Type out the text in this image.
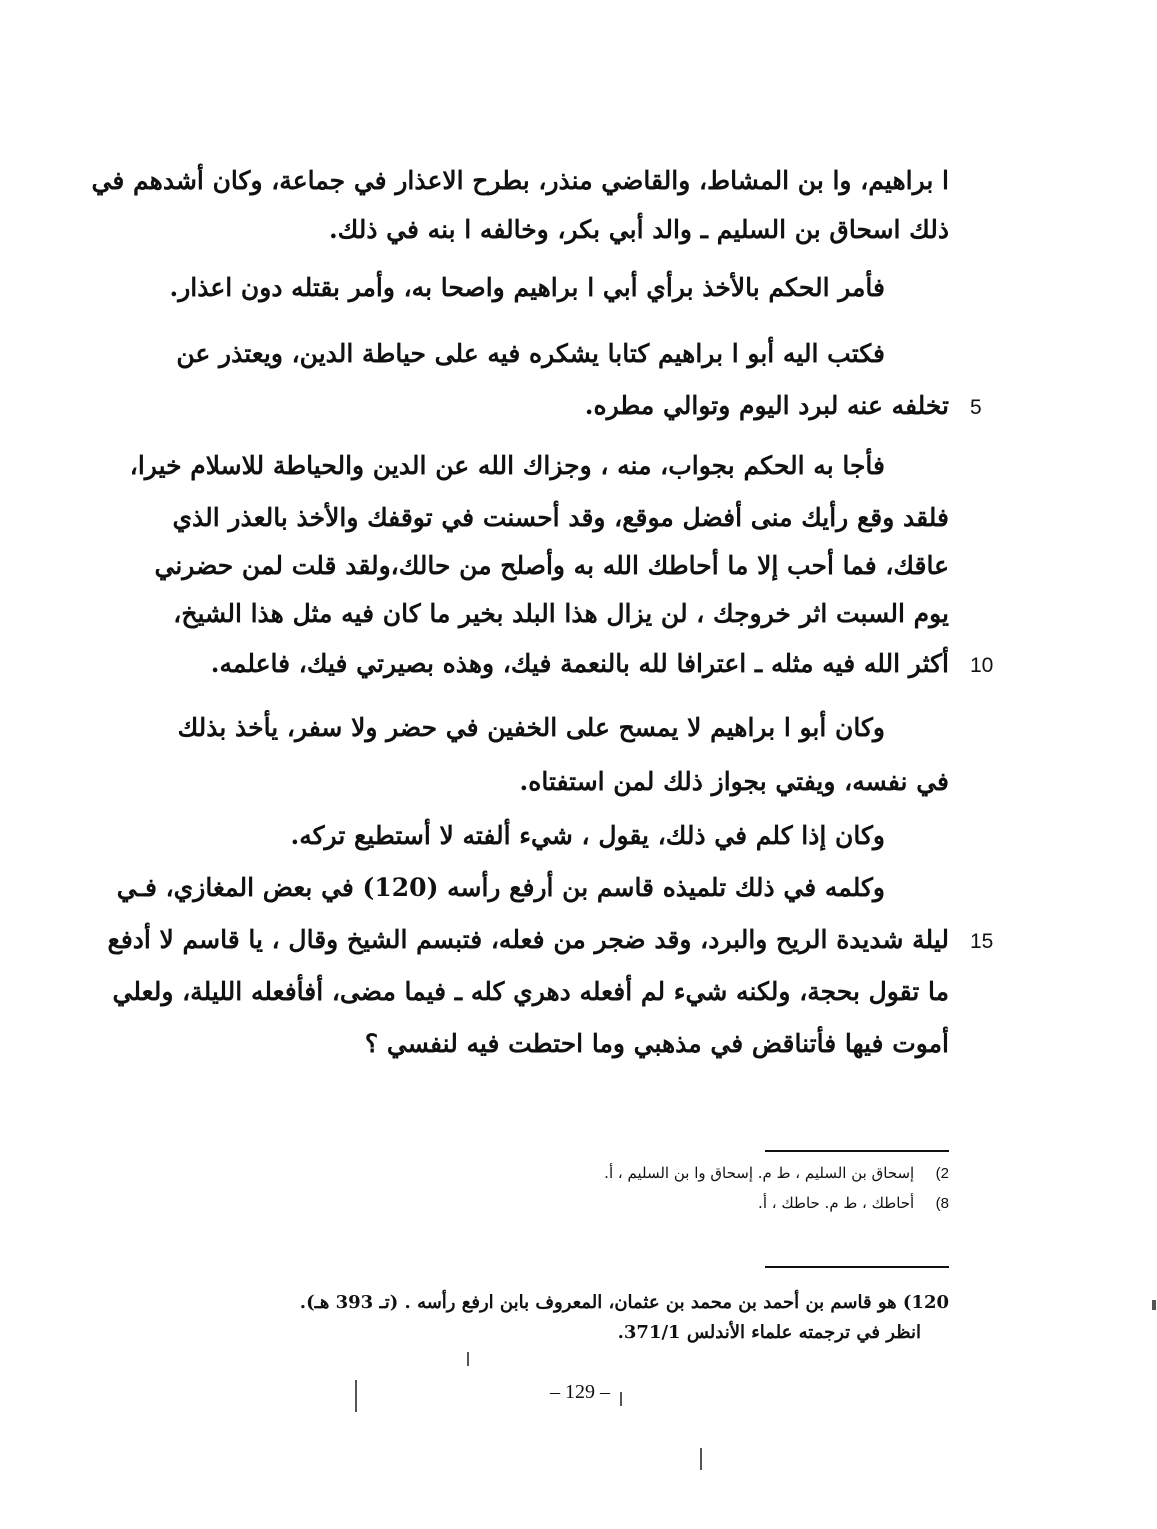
ا براهيم، وا بن المشاط، والقاضي منذر، بطرح الاعذار في جماعة، وكان أشدهم في
ذلك اسحاق بن السليم ـ والد أبي بكر، وخالفه ا بنه في ذلك.
فأمر الحكم بالأخذ برأي أبي ا براهيم واصحا به، وأمر بقتله دون اعذار.
فكتب اليه أبو ا براهيم كتابا يشكره فيه على حياطة الدين، ويعتذر عن
تخلفه عنه لبرد اليوم وتوالي مطره. 5
فأجا به الحكم بجواب، منه ، وجزاك الله عن الدين والحياطة للاسلام خيرا،
فلقد وقع رأيك منى أفضل موقع، وقد أحسنت في توقفك والأخذ بالعذر الذي
عاقك، فما أحب إلا ما أحاطك الله به وأصلح من حالك،ولقد قلت لمن حضرني
يوم السبت اثر خروجك ، لن يزال هذا البلد بخير ما كان فيه مثل هذا الشيخ،
أكثر الله فيه مثله ـ اعترافا لله بالنعمة فيك، وهذه بصيرتي فيك، فاعلمه. 10
وكان أبو ا براهيم لا يمسح على الخفين في حضر ولا سفر، يأخذ بذلك
في نفسه، ويفتي بجواز ذلك لمن استفتاه.
وكان إذا كلم في ذلك، يقول ، شيء ألفته لا أستطيع تركه.
وكلمه في ذلك تلميذه قاسم بن أرفع رأسه (120) في بعض المغازي، فـي
ليلة شديدة الريح والبرد، وقد ضجر من فعله، فتبسم الشيخ وقال ، يا قاسم لا أدفع 15
ما تقول بحجة، ولكنه شيء لم أفعله دهري كله ـ فيما مضى، أفأفعله الليلة، ولعلي
أموت فيها فأتناقض في مذهبي وما احتطت فيه لنفسي ؟
2) إسحاق بن السليم ، ط م. إسحاق وا بن السليم ، أ.
8) أحاطك ، ط م. حاطك ، أ.
120) هو قاسم بن أحمد بن محمد بن عثمان، المعروف بابن ارفع رأسه . (تـ 393 هـ).
انظر في ترجمته علماء الأندلس 371/1.
– 129 –
